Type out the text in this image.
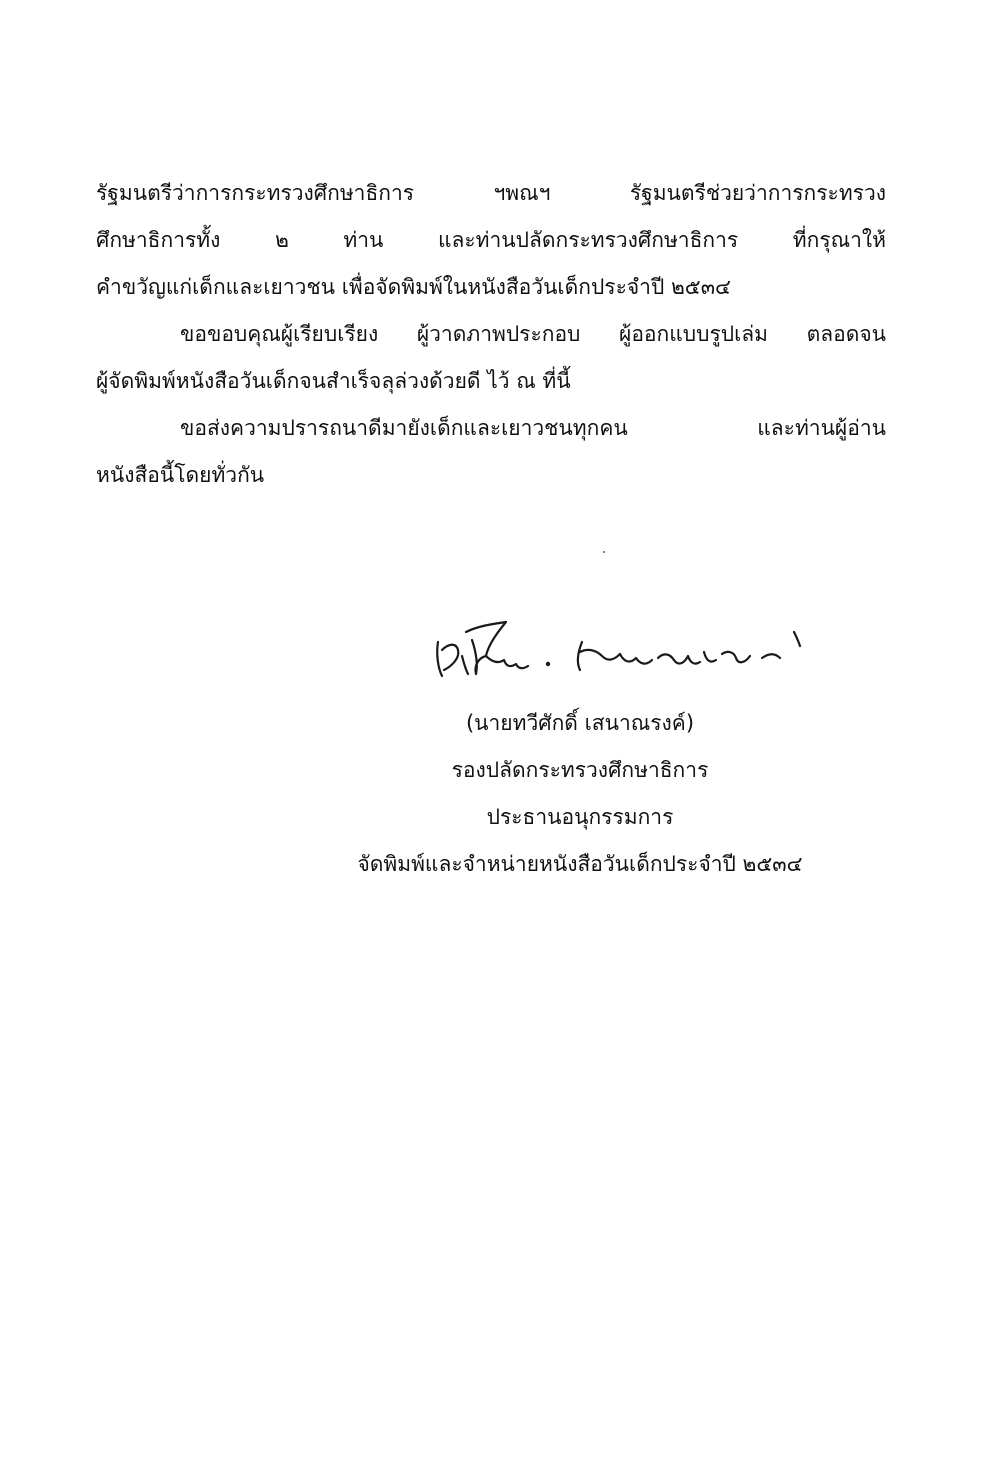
รัฐมนตรีว่าการกระทรวงศึกษาธิการ ฯพณฯ รัฐมนตรีช่วยว่าการกระทรวง
ศึกษาธิการทั้ง ๒ ท่าน และท่านปลัดกระทรวงศึกษาธิการ ที่กรุณาให้
คำขวัญแก่เด็กและเยาวชน เพื่อจัดพิมพ์ในหนังสือวันเด็กประจำปี ๒๕๓๔
ขอขอบคุณผู้เรียบเรียง ผู้วาดภาพประกอบ ผู้ออกแบบรูปเล่ม ตลอดจน
ผู้จัดพิมพ์หนังสือวันเด็กจนสำเร็จลุล่วงด้วยดี ไว้ ณ ที่นี้
ขอส่งความปรารถนาดีมายังเด็กและเยาวชนทุกคน และท่านผู้อ่าน
หนังสือนี้โดยทั่วกัน
(นายทวีศักดิ์ เสนาณรงค์)
รองปลัดกระทรวงศึกษาธิการ
ประธานอนุกรรมการ
จัดพิมพ์และจำหน่ายหนังสือวันเด็กประจำปี ๒๕๓๔
